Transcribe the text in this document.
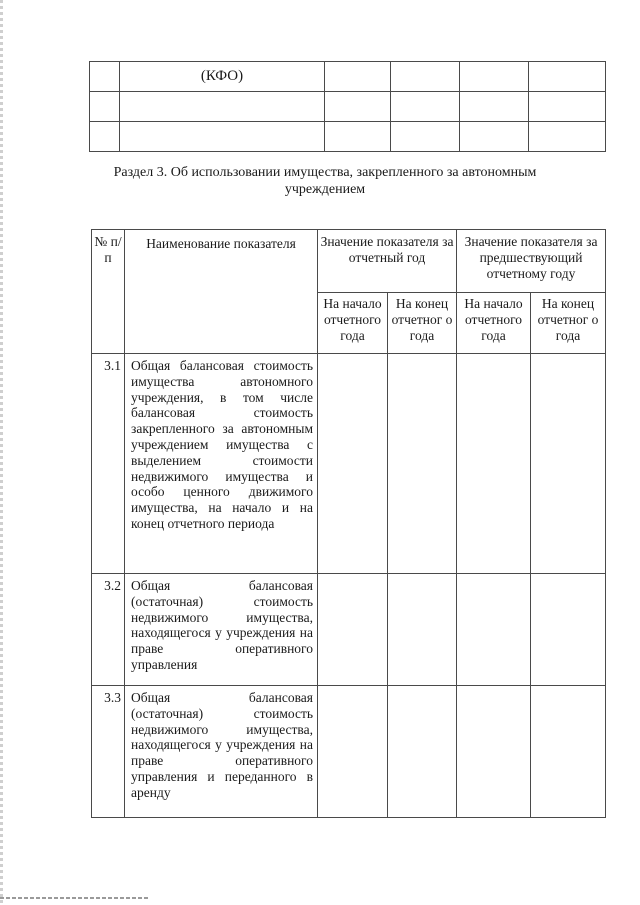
	(КФО)				

Раздел 3. Об использовании имущества, закрепленного за автономным учреждением
№ п/п	Наименование показателя	Значение показателя за отчетный год		Значение показателя за предшествующий отчетному году	
		На начало отчетного года	На конец отчетног о года	На начало отчетного года	На конец отчетног о года
3.1	Общая балансовая стоимость имущества автономного учреждения, в том числе балансовая стоимость закрепленного за автономным учреждением имущества с выделением стоимости недвижимого имущества и особо ценного движимого имущества, на начало и на конец отчетного периода				
3.2	Общая балансовая (остаточная) стоимость недвижимого имущества, находящегося у учреждения на праве оперативного управления				
3.3	Общая балансовая (остаточная) стоимость недвижимого имущества, находящегося у учреждения на праве оперативного управления и переданного в аренду				
